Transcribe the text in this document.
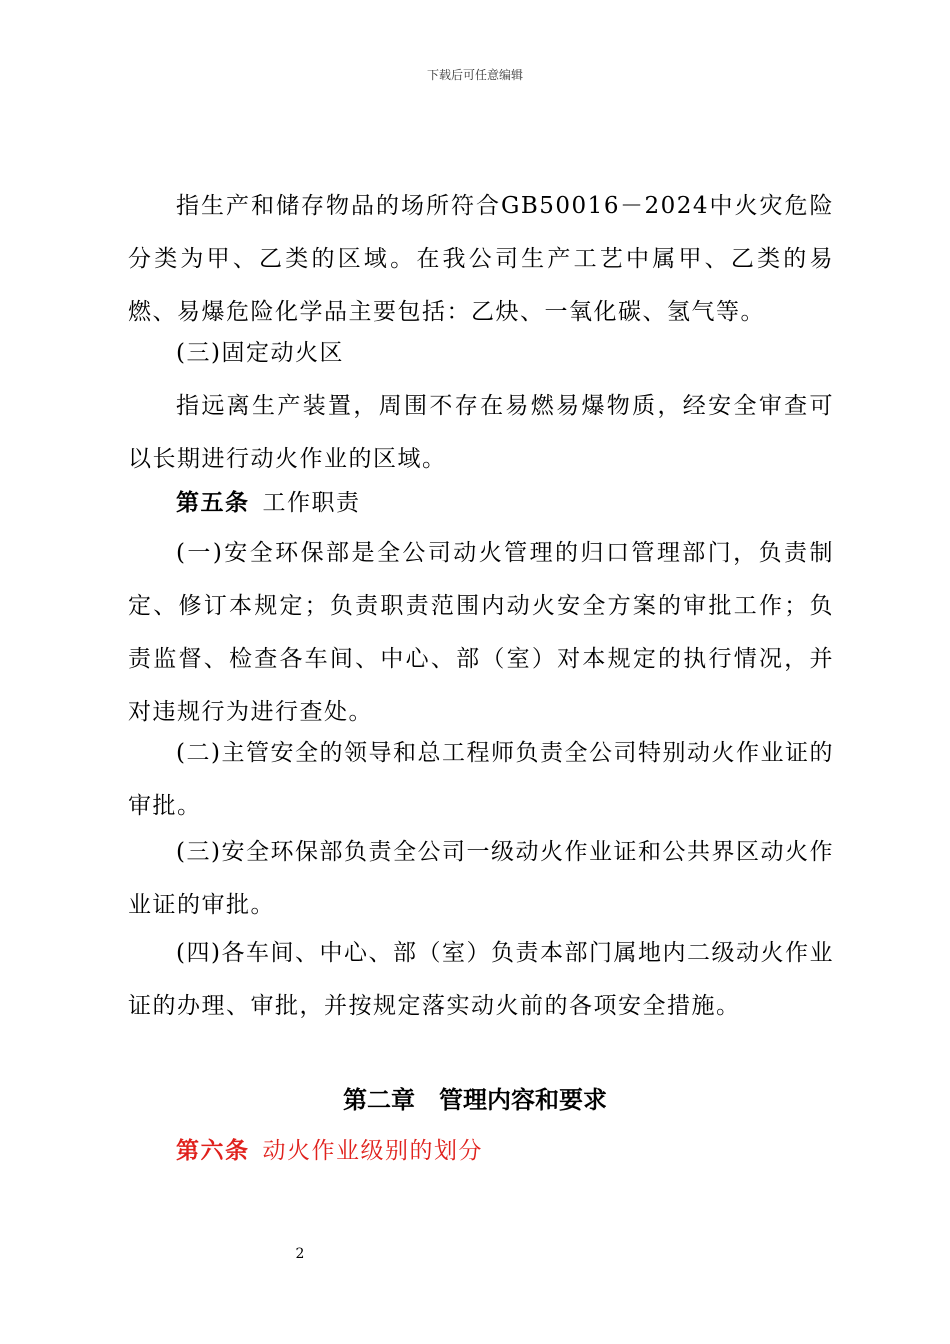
下载后可任意编辑

指生产和储存物品的场所符合GB50016－2024中火灾危险分类为甲、乙类的区域。在我公司生产工艺中属甲、乙类的易燃、易爆危险化学品主要包括：乙炔、一氧化碳、氢气等。

(三)固定动火区

指远离生产装置，周围不存在易燃易爆物质，经安全审查可以长期进行动火作业的区域。

第五条  工作职责

(一)安全环保部是全公司动火管理的归口管理部门，负责制定、修订本规定；负责职责范围内动火安全方案的审批工作；负责监督、检查各车间、中心、部（室）对本规定的执行情况，并对违规行为进行查处。

(二)主管安全的领导和总工程师负责全公司特别动火作业证的审批。

(三)安全环保部负责全公司一级动火作业证和公共界区动火作业证的审批。

(四)各车间、中心、部（室）负责本部门属地内二级动火作业证的办理、审批，并按规定落实动火前的各项安全措施。

第二章　管理内容和要求

第六条  动火作业级别的划分

2
